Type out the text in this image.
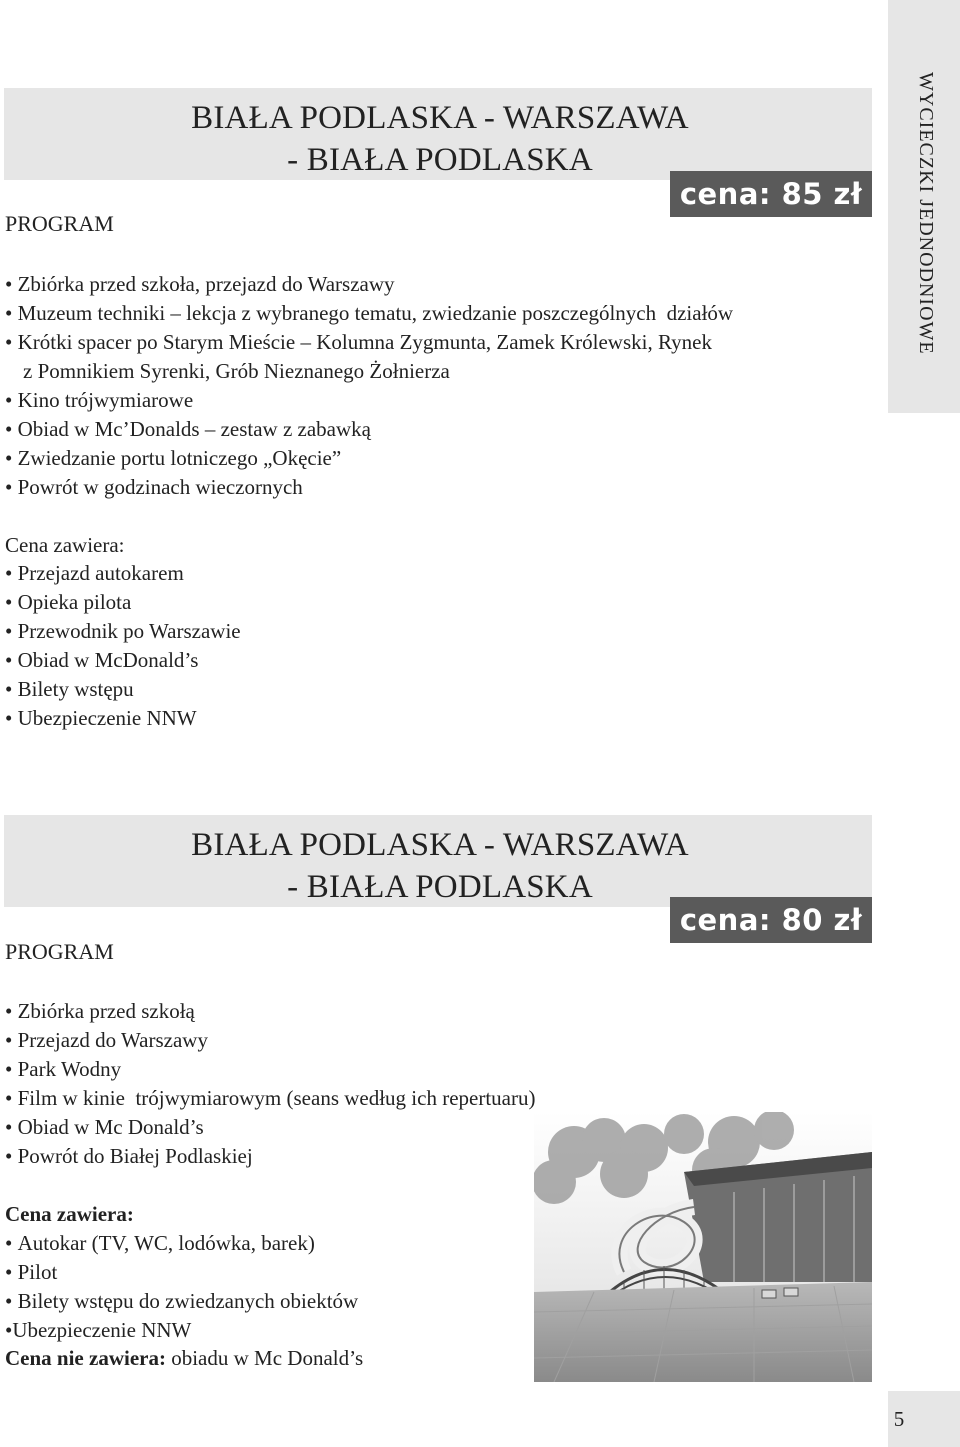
WYCIECZKI JEDNODNIOWE
BIAŁA PODLASKA - WARSZAWA
- BIAŁA PODLASKA
cena: 85 zł
PROGRAM
• Zbiórka przed szkoła, przejazd do Warszawy
• Muzeum techniki – lekcja z wybranego tematu, zwiedzanie poszczególnych  działów
• Krótki spacer po Starym Mieście – Kolumna Zygmunta, Zamek Królewski, Rynek
z Pomnikiem Syrenki, Grób Nieznanego Żołnierza
• Kino trójwymiarowe
• Obiad w Mc’Donalds – zestaw z zabawką
• Zwiedzanie portu lotniczego „Okęcie”
• Powrót w godzinach wieczornych
Cena zawiera:
• Przejazd autokarem
• Opieka pilota
• Przewodnik po Warszawie
• Obiad w McDonald’s
• Bilety wstępu
• Ubezpieczenie NNW
BIAŁA PODLASKA - WARSZAWA
- BIAŁA PODLASKA
cena: 80 zł
PROGRAM
• Zbiórka przed szkołą
• Przejazd do Warszawy
• Park Wodny
• Film w kinie  trójwymiarowym (seans według ich repertuaru)
• Obiad w Mc Donald’s
• Powrót do Białej Podlaskiej
Cena zawiera:
• Autokar (TV, WC, lodówka, barek)
• Pilot
• Bilety wstępu do zwiedzanych obiektów
•Ubezpieczenie NNW
Cena nie zawiera: obiadu w Mc Donald’s
5
